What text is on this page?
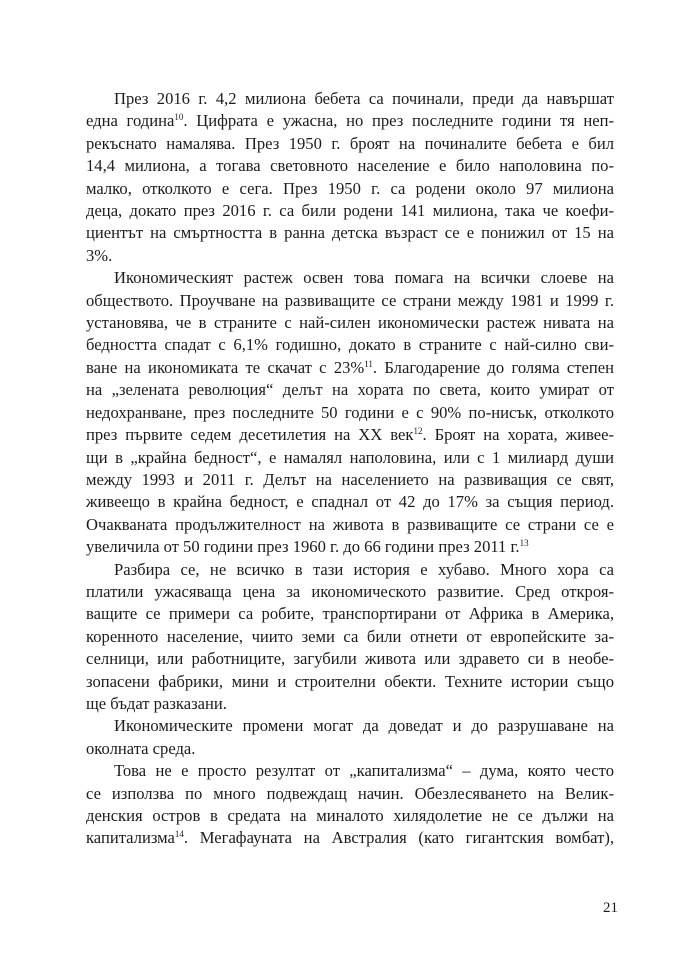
През 2016 г. 4,2 милиона бебета са починали, преди да навършат
една година$^{10}$. Цифрата е ужасна, но през последните години тя неп-
рекъснато намалява. През 1950 г. броят на починалите бебета е бил
14,4 милиона, а тогава световното население е било наполовина по-
малко, отколкото е сега. През 1950 г. са родени около 97 милиона
деца, докато през 2016 г. са били родени 141 милиона, така че коефи-
циентът на смъртността в ранна детска възраст се е понижил от 15 на
3%.

Икономическият растеж освен това помага на всички слоеве на
обществото. Проучване на развиващите се страни между 1981 и 1999 г.
установява, че в страните с най-силен икономически растеж нивата на
бедността спадат с 6,1% годишно, докато в страните с най-силно сви-
ване на икономиката те скачат с 23%$^{11}$. Благодарение до голяма степен
на „зелената революция“ делът на хората по света, които умират от
недохранване, през последните 50 години е с 90% по-нисък, отколкото
през първите седем десетилетия на XX век$^{12}$. Броят на хората, живее-
щи в „крайна бедност“, е намалял наполовина, или с 1 милиард души
между 1993 и 2011 г. Делът на населението на развиващия се свят,
живеещо в крайна бедност, е спаднал от 42 до 17% за същия период.
Очакваната продължителност на живота в развиващите се страни се е
увеличила от 50 години през 1960 г. до 66 години през 2011 г.$^{13}$

Разбира се, не всичко в тази история е хубаво. Много хора са
платили ужасяваща цена за икономическото развитие. Сред откроя-
ващите се примери са робите, транспортирани от Африка в Америка,
коренното население, чиито земи са били отнети от европейските за-
селници, или работниците, загубили живота или здравето си в необе-
зопасени фабрики, мини и строителни обекти. Техните истории също
ще бъдат разказани.

Икономическите промени могат да доведат и до разрушаване на
околната среда.

Това не е просто резултат от „капитализма“ – дума, която често
се използва по много подвеждащ начин. Обезлесяването на Велик-
денския остров в средата на миналото хилядолетие не се дължи на
капитализма$^{14}$. Мегафауната на Австралия (като гигантския вомбат),

21
